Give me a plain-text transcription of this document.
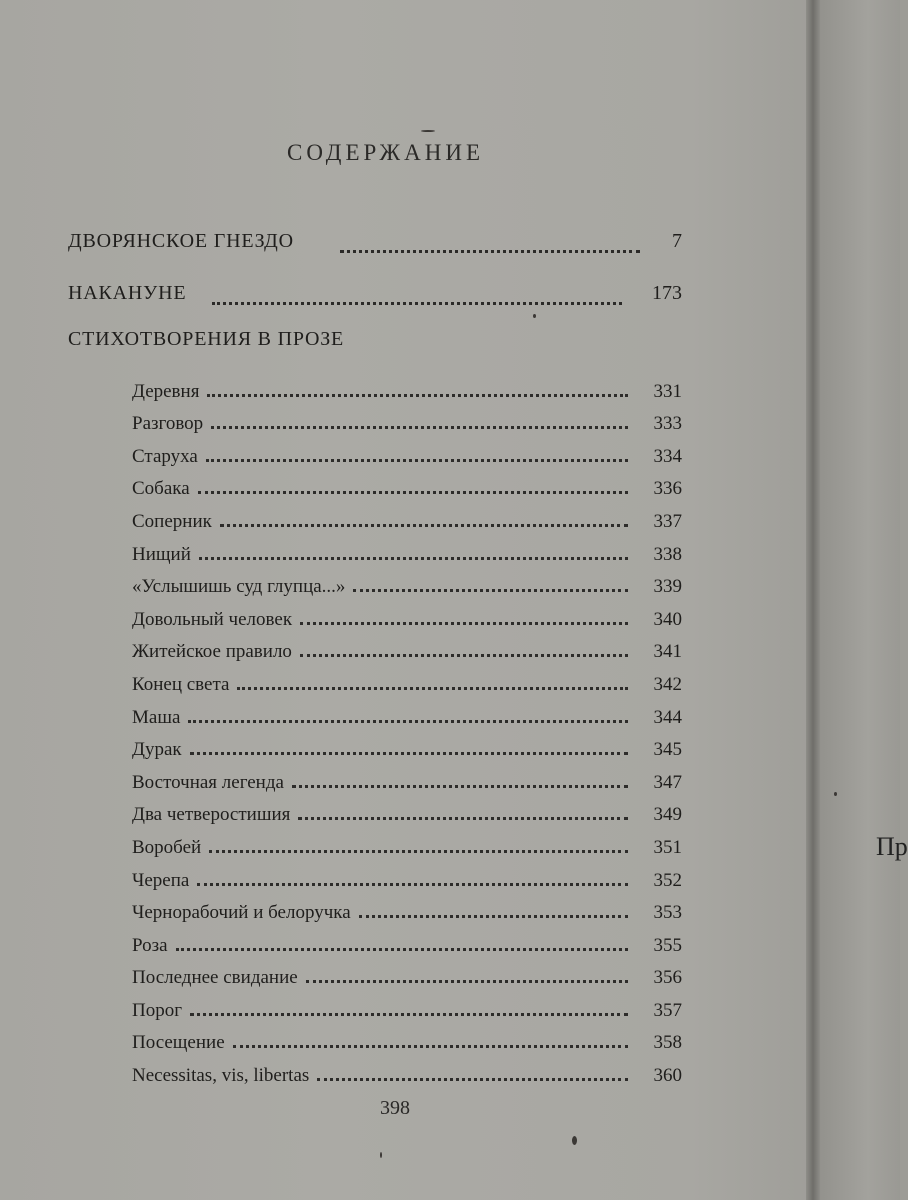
СОДЕРЖАНИЕ
ДВОРЯНСКОЕ ГНЕЗДО	7
НАКАНУНЕ	173
СТИХОТВОРЕНИЯ В ПРОЗЕ
Деревня	331
Разговор	333
Старуха	334
Собака	336
Соперник	337
Нищий	338
«Услышишь суд глупца...»	339
Довольный человек	340
Житейское правило	341
Конец света	342
Маша	344
Дурак	345
Восточная легенда	347
Два четверостишия	349
Воробей	351
Черепа	352
Чернорабочий и белоручка	353
Роза	355
Последнее свидание	356
Порог	357
Посещение	358
Necessitas, vis, libertas	360
398
Пр
